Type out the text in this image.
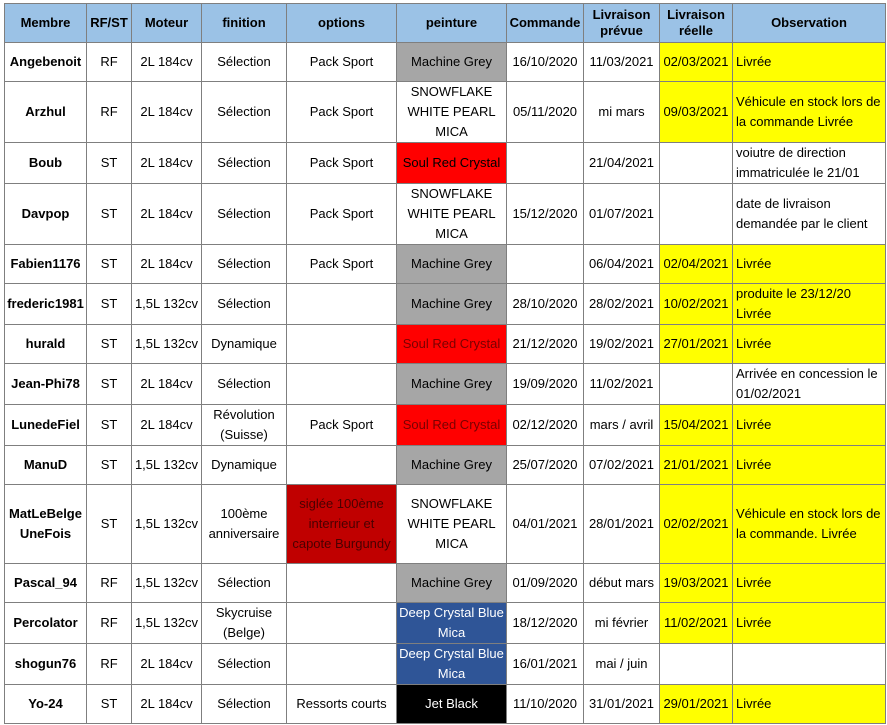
Membre	RF/ST	Moteur	finition	options	peinture	Commande	Livraison prévue	Livraison réelle	Observation
Angebenoit	RF	2L 184cv	Sélection	Pack Sport	Machine Grey	16/10/2020	11/03/2021	02/03/2021	Livrée
Arzhul	RF	2L 184cv	Sélection	Pack Sport	SNOWFLAKE WHITE PEARL MICA	05/11/2020	mi mars	09/03/2021	Véhicule en stock lors de la commande Livrée
Boub	ST	2L 184cv	Sélection	Pack Sport	Soul Red Crystal		21/04/2021		voiutre de direction immatriculée le 21/01
Davpop	ST	2L 184cv	Sélection	Pack Sport	SNOWFLAKE WHITE PEARL MICA	15/12/2020	01/07/2021		date de livraison demandée par le client
Fabien1176	ST	2L 184cv	Sélection	Pack Sport	Machine Grey		06/04/2021	02/04/2021	Livrée
frederic1981	ST	1,5L 132cv	Sélection		Machine Grey	28/10/2020	28/02/2021	10/02/2021	produite le 23/12/20 Livrée
hurald	ST	1,5L 132cv	Dynamique		Soul Red Crystal	21/12/2020	19/02/2021	27/01/2021	Livrée
Jean-Phi78	ST	2L 184cv	Sélection		Machine Grey	19/09/2020	11/02/2021		Arrivée en concession le 01/02/2021
LunedeFiel	ST	2L 184cv	Révolution (Suisse)	Pack Sport	Soul Red Crystal	02/12/2020	mars / avril	15/04/2021	Livrée
ManuD	ST	1,5L 132cv	Dynamique		Machine Grey	25/07/2020	07/02/2021	21/01/2021	Livrée
MatLeBelge UneFois	ST	1,5L 132cv	100ème anniversaire	siglée 100ème interrieur et capote Burgundy	SNOWFLAKE WHITE PEARL MICA	04/01/2021	28/01/2021	02/02/2021	Véhicule en stock lors de la commande. Livrée
Pascal_94	RF	1,5L 132cv	Sélection		Machine Grey	01/09/2020	début mars	19/03/2021	Livrée
Percolator	RF	1,5L 132cv	Skycruise (Belge)		Deep Crystal Blue Mica	18/12/2020	mi février	11/02/2021	Livrée
shogun76	RF	2L 184cv	Sélection		Deep Crystal Blue Mica	16/01/2021	mai / juin		
Yo-24	ST	2L 184cv	Sélection	Ressorts courts	Jet Black	11/10/2020	31/01/2021	29/01/2021	Livrée
